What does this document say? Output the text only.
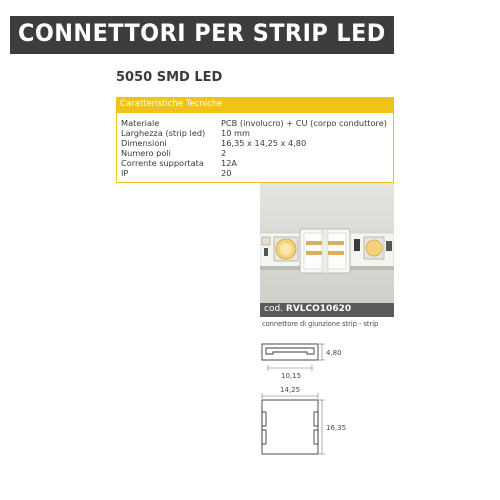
CONNETTORI PER STRIP LED
5050 SMD LED
Caratteristiche Tecniche
Materiale	PCB (involucro) + CU (corpo conduttore)
Larghezza (strip led) 10 mm
Dimensioni	16,35 x 14,25 x 4,80
Numero poli	2
Corrente supportata 12A
IP	20
cod. RVLCO10620
connettore di giunzione strip - strip
4,80
10,15
14,25
16,35
